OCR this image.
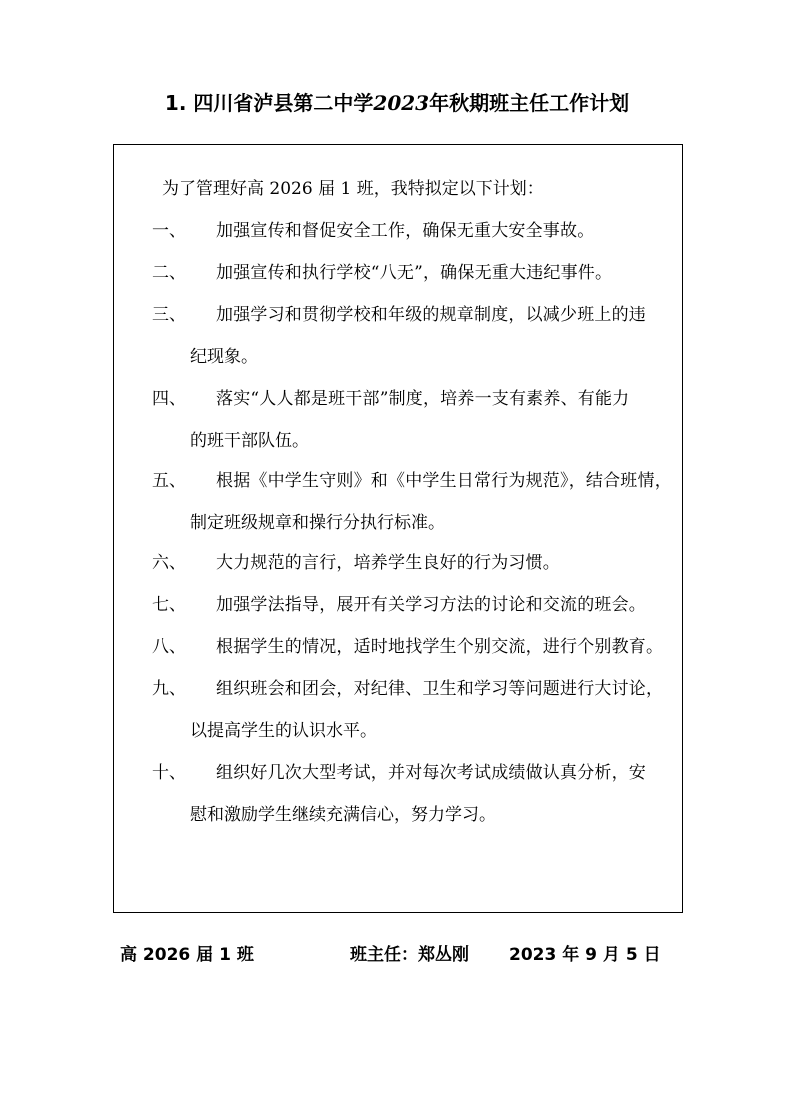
1. 四川省泸县第二中学2023年秋期班主任工作计划
为了管理好高 2026 届 1 班，我特拟定以下计划：
一、 加强宣传和督促安全工作，确保无重大安全事故。
二、 加强宣传和执行学校“八无”，确保无重大违纪事件。
三、 加强学习和贯彻学校和年级的规章制度，以减少班上的违
纪现象。
四、 落实“人人都是班干部”制度，培养一支有素养、有能力
的班干部队伍。
五、 根据《中学生守则》和《中学生日常行为规范》，结合班情，
制定班级规章和操行分执行标准。
六、 大力规范的言行，培养学生良好的行为习惯。
七、 加强学法指导，展开有关学习方法的讨论和交流的班会。
八、 根据学生的情况，适时地找学生个别交流，进行个别教育。
九、 组织班会和团会，对纪律、卫生和学习等问题进行大讨论，
以提高学生的认识水平。
十、 组织好几次大型考试，并对每次考试成绩做认真分析，安
慰和激励学生继续充满信心，努力学习。
高 2026 届 1 班	班主任：郑丛刚 2023 年 9 月 5 日
